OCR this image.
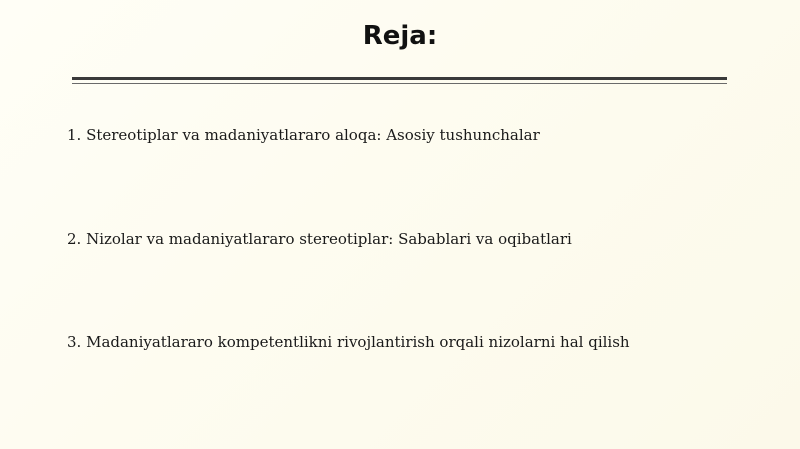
Reja:
1. Stereotiplar va madaniyatlararo aloqa: Asosiy tushunchalar
2. Nizolar va madaniyatlararo stereotiplar: Sabablari va oqibatlari
3. Madaniyatlararo kompetentlikni rivojlantirish orqali nizolarni hal qilish
